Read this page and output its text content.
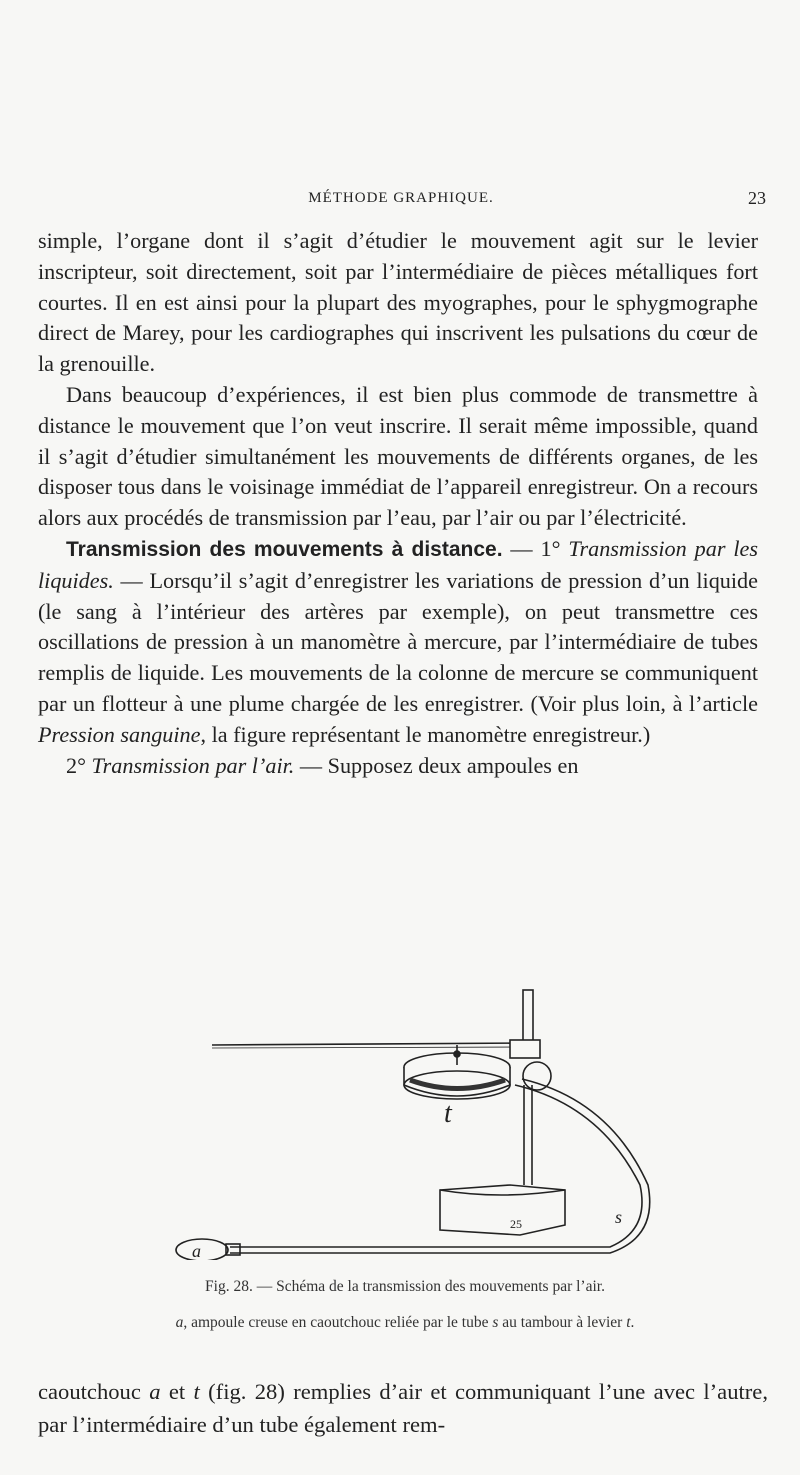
MÉTHODE GRAPHIQUE.	23

simple, l’organe dont il s’agit d’étudier le mouvement agit sur le levier inscripteur, soit directement, soit par l’intermédiaire de pièces métalliques fort courtes. Il en est ainsi pour la plupart des myographes, pour le sphygmographe direct de Marey, pour les cardiographes qui inscrivent les pulsations du cœur de la grenouille.

Dans beaucoup d’expériences, il est bien plus commode de transmettre à distance le mouvement que l’on veut inscrire. Il serait même impossible, quand il s’agit d’étudier simultanément les mouvements de différents organes, de les disposer tous dans le voisinage immédiat de l’appareil enregistreur. On a recours alors aux procédés de transmission par l’eau, par l’air ou par l’électricité.

Transmission des mouvements à distance. — 1° Transmission par les liquides. — Lorsqu’il s’agit d’enregistrer les variations de pression d’un liquide (le sang à l’intérieur des artères par exemple), on peut transmettre ces oscillations de pression à un manomètre à mercure, par l’intermédiaire de tubes remplis de liquide. Les mouvements de la colonne de mercure se communiquent par un flotteur à une plume chargée de les enregistrer. (Voir plus loin, à l’article Pression sanguine, la figure représentant le manomètre enregistreur.)

2° Transmission par l’air. — Supposez deux ampoules en

t
a
s
25
Fig. 28. — Schéma de la transmission des mouvements par l’air.
a, ampoule creuse en caoutchouc reliée par le tube s au tambour à levier t.
caoutchouc a et t (fig. 28) remplies d’air et communiquant l’une avec l’autre, par l’intermédiaire d’un tube également rem-
